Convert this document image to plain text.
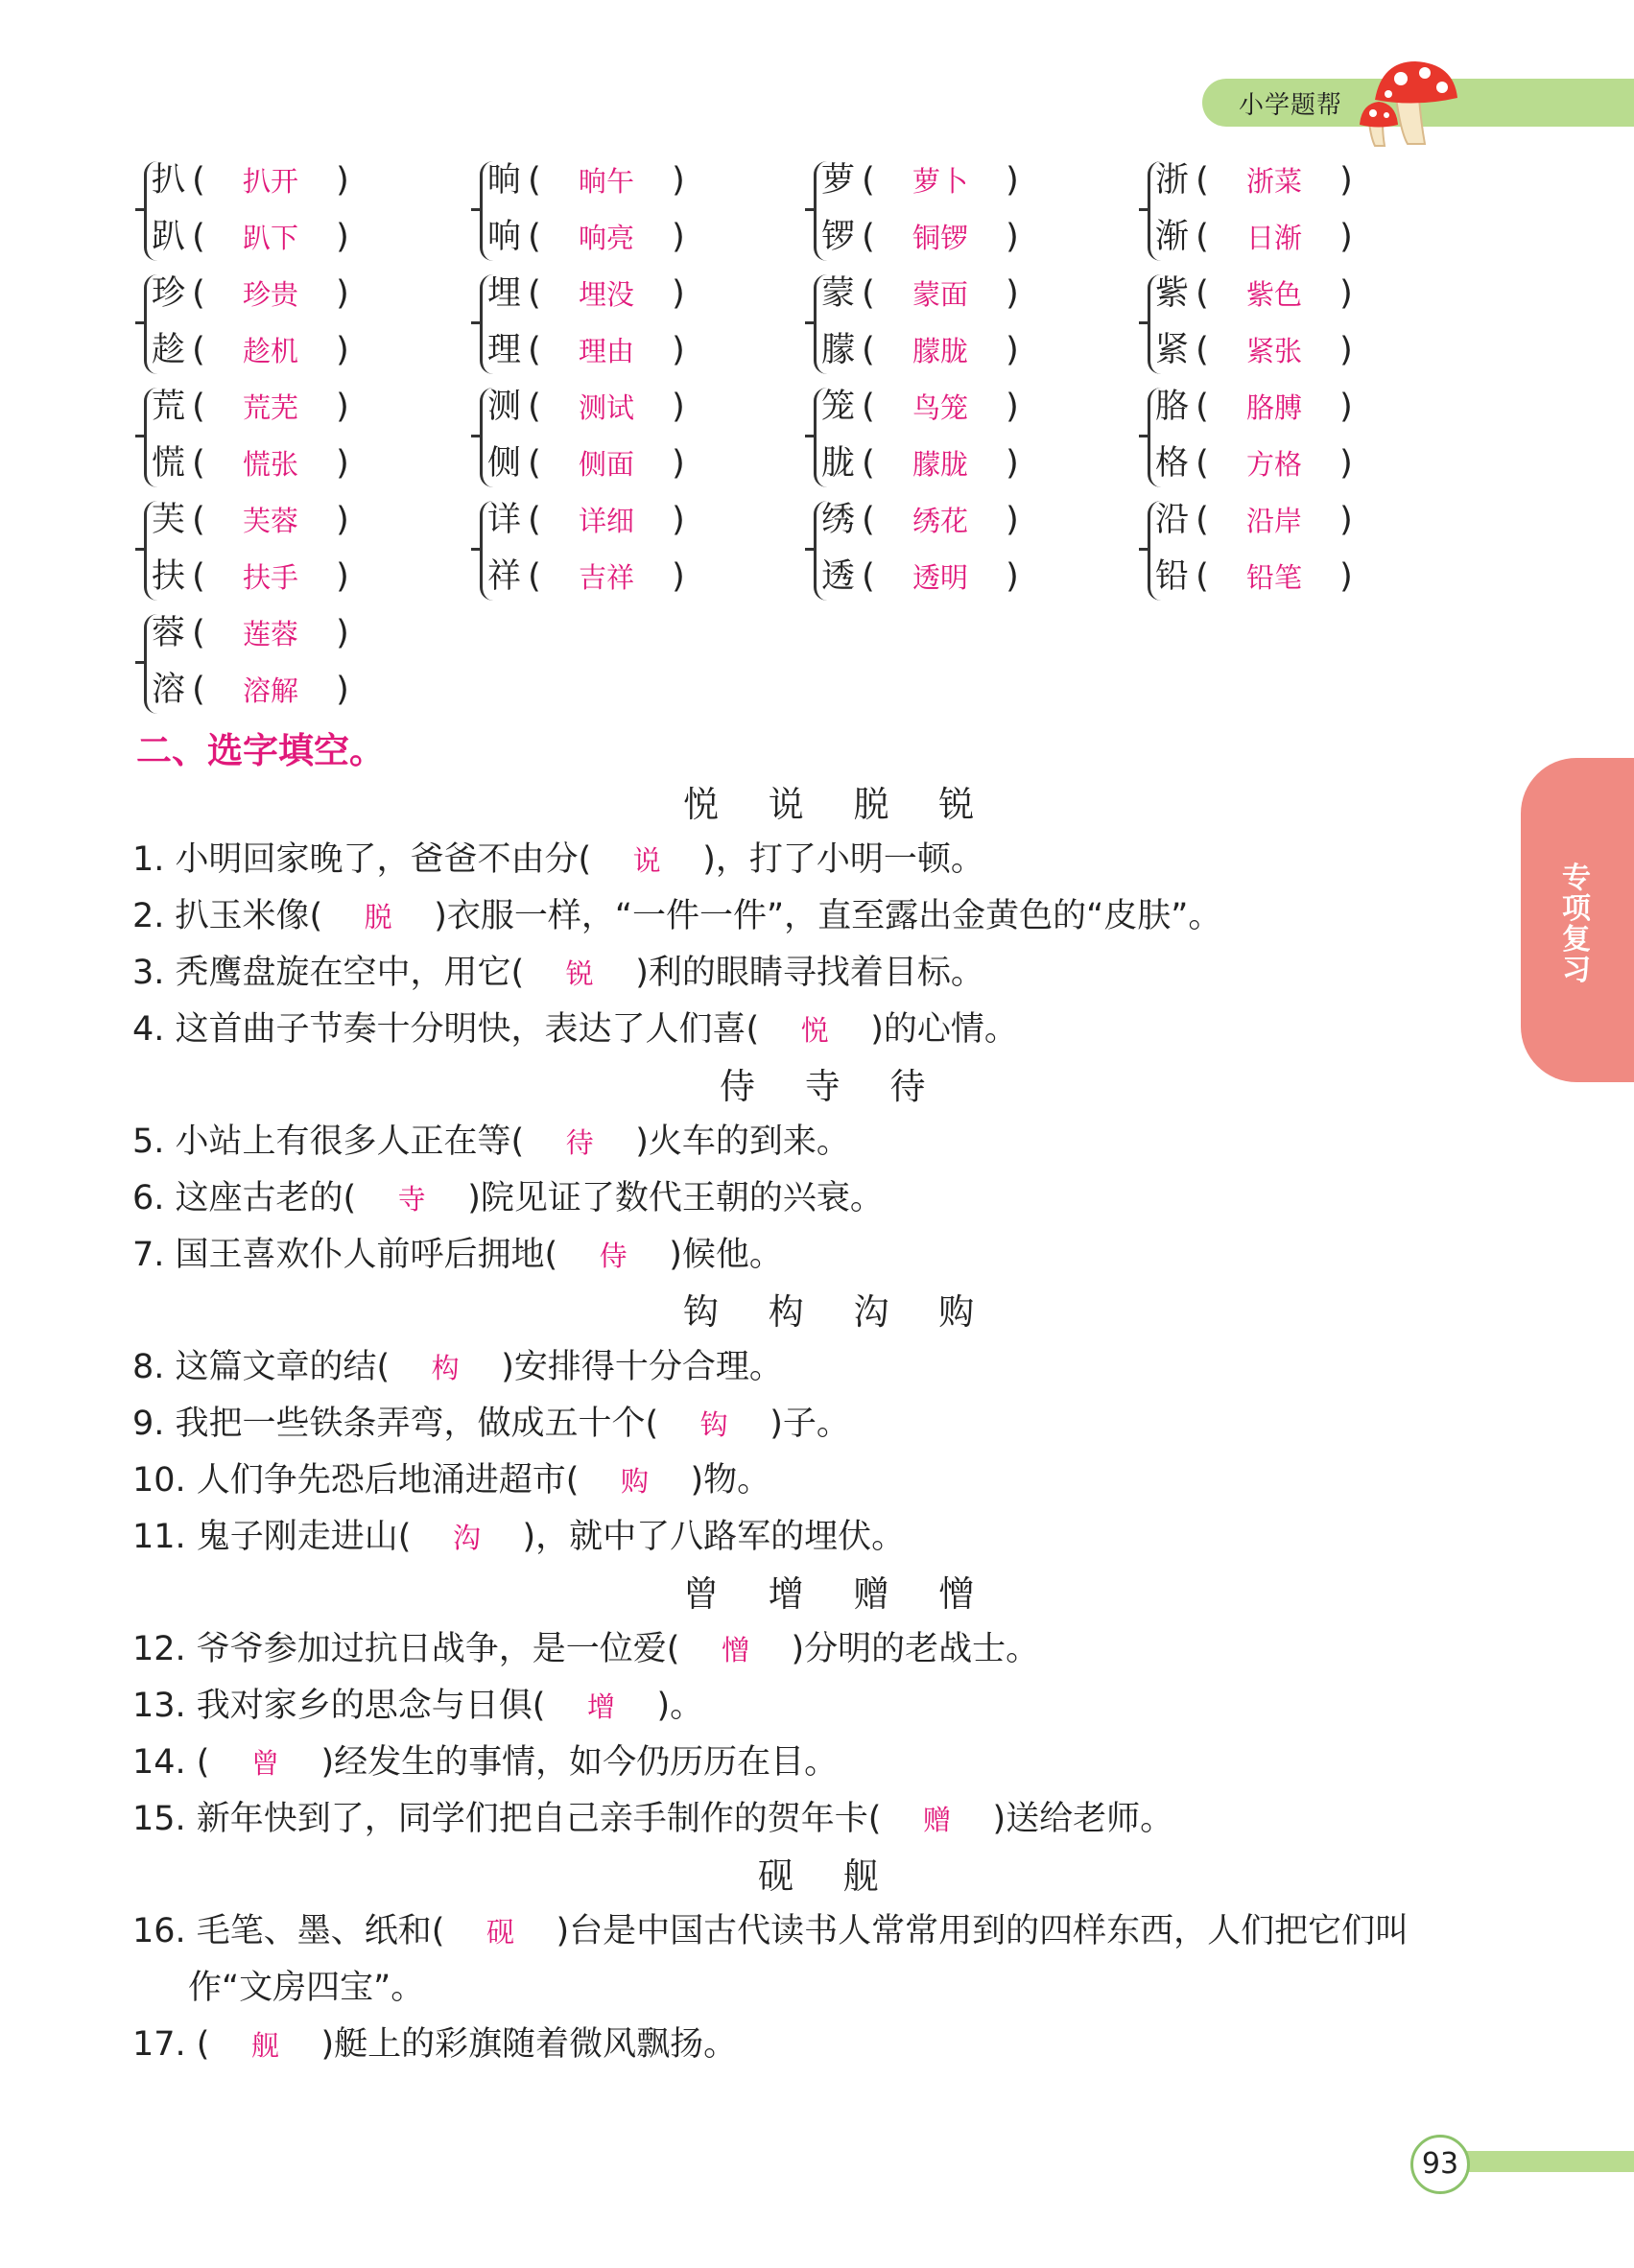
小学题帮
专项复习
扒 ( 扒开 )
趴 ( 趴下 )
晌 ( 晌午 )
响 ( 响亮 )
萝 ( 萝卜 )
锣 ( 铜锣 )
浙 ( 浙菜 )
渐 ( 日渐 )
珍 ( 珍贵 )
趁 ( 趁机 )
埋 ( 埋没 )
理 ( 理由 )
蒙 ( 蒙面 )
朦 ( 朦胧 )
紫 ( 紫色 )
紧 ( 紧张 )
荒 ( 荒芜 )
慌 ( 慌张 )
测 ( 测试 )
侧 ( 侧面 )
笼 ( 鸟笼 )
胧 ( 朦胧 )
胳 ( 胳膊 )
格 ( 方格 )
芙 ( 芙蓉 )
扶 ( 扶手 )
详 ( 详细 )
祥 ( 吉祥 )
绣 ( 绣花 )
透 ( 透明 )
沿 ( 沿岸 )
铅 ( 铅笔 )
蓉 ( 莲蓉 )
溶 ( 溶解 )
二、选字填空。
悦 说 脱 锐
1. 小明回家晚了，爸爸不由分( 说 )，打了小明一顿。
2. 扒玉米像( 脱 )衣服一样，“一件一件”，直至露出金黄色的“皮肤”。
3. 秃鹰盘旋在空中，用它( 锐 )利的眼睛寻找着目标。
4. 这首曲子节奏十分明快，表达了人们喜( 悦 )的心情。
侍 寺 待
5. 小站上有很多人正在等( 待 )火车的到来。
6. 这座古老的( 寺 )院见证了数代王朝的兴衰。
7. 国王喜欢仆人前呼后拥地( 侍 )候他。
钩 构 沟 购
8. 这篇文章的结( 构 )安排得十分合理。
9. 我把一些铁条弄弯，做成五十个( 钩 )子。
10. 人们争先恐后地涌进超市( 购 )物。
11. 鬼子刚走进山( 沟 )，就中了八路军的埋伏。
曾 增 赠 憎
12. 爷爷参加过抗日战争，是一位爱( 憎 )分明的老战士。
13. 我对家乡的思念与日俱( 增 )。
14. ( 曾 )经发生的事情，如今仍历历在目。
15. 新年快到了，同学们把自己亲手制作的贺年卡( 赠 )送给老师。
砚 舰
16. 毛笔、墨、纸和( 砚 )台是中国古代读书人常常用到的四样东西，人们把它们叫
作“文房四宝”。
17. ( 舰 )艇上的彩旗随着微风飘扬。
93
